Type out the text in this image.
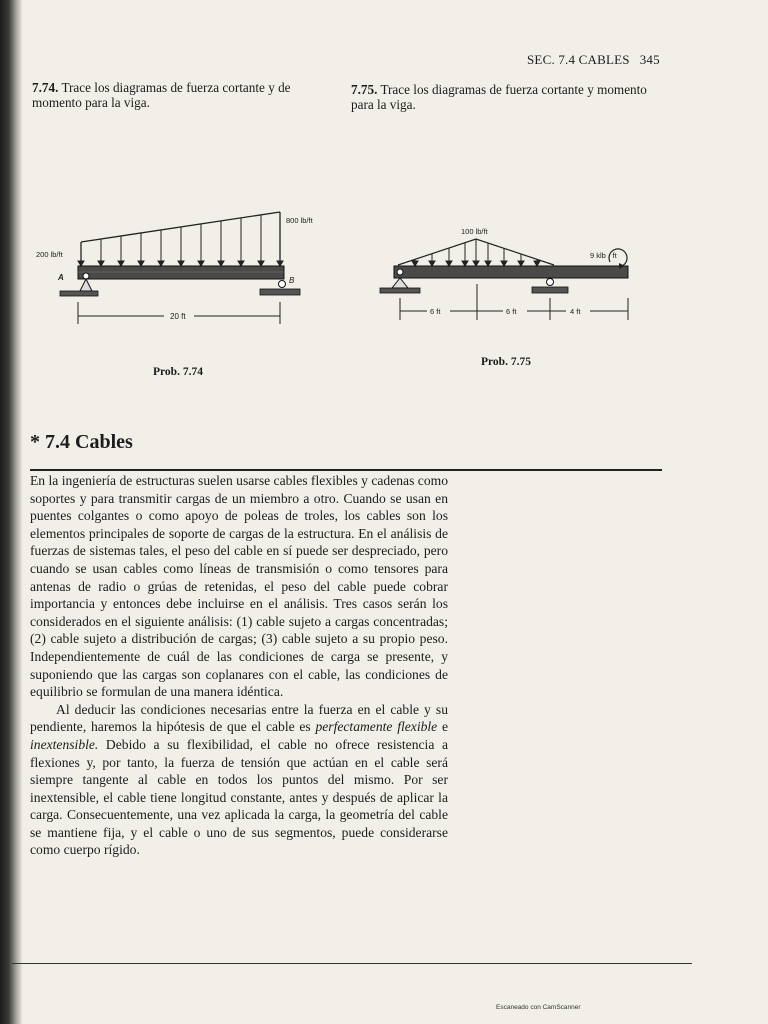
SEC. 7.4 CABLES 345
7.74. Trace los diagramas de fuerza cortante y de momento para la viga.
7.75. Trace los diagramas de fuerza cortante y momento para la viga.
200 lb/ft
800 lb/ft
A	B
20 ft
Prob. 7.74
100 lb/ft
9 klb · ft
6 ft	6 ft	4 ft
Prob. 7.75
* 7.4 Cables

En la ingeniería de estructuras suelen usarse cables flexibles y cadenas como soportes y para transmitir cargas de un miembro a otro. Cuando se usan en puentes colgantes o como apoyo de poleas de troles, los cables son los elementos principales de soporte de cargas de la estructura. En el análisis de fuerzas de sistemas tales, el peso del cable en sí puede ser despreciado, pero cuando se usan cables como líneas de transmisión o como tensores para antenas de radio o grúas de retenidas, el peso del cable puede cobrar importancia y entonces debe incluirse en el análisis. Tres casos serán los considerados en el siguiente análisis: (1) cable sujeto a cargas concentradas; (2) cable sujeto a distribución de cargas; (3) cable sujeto a su propio peso. Independientemente de cuál de las condiciones de carga se presente, y suponiendo que las cargas son coplanares con el cable, las condiciones de equilibrio se formulan de una manera idéntica.

Al deducir las condiciones necesarias entre la fuerza en el cable y su pendiente, haremos la hipótesis de que el cable es perfectamente flexible e inextensible. Debido a su flexibilidad, el cable no ofrece resistencia a flexiones y, por tanto, la fuerza de tensión que actúan en el cable será siempre tangente al cable en todos los puntos del mismo. Por ser inextensible, el cable tiene longitud constante, antes y después de aplicar la carga. Consecuentemente, una vez aplicada la carga, la geometría del cable se mantiene fija, y el cable o uno de sus segmentos, puede considerarse como cuerpo rígido.

Escaneado con CamScanner
